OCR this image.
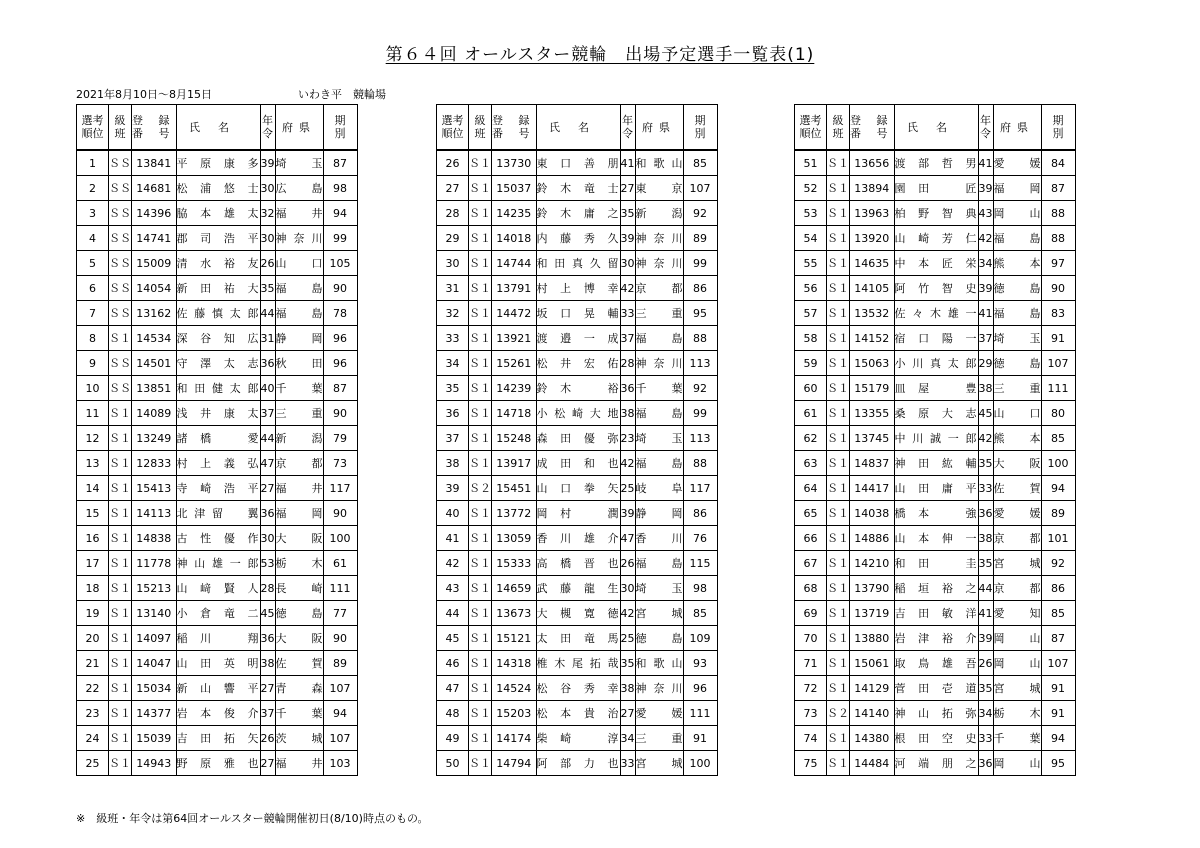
第６４回 オールスター競輪　出場予定選手一覧表(1)
2021年8月10日～8月15日	いわき平　競輪場
選考
順位	級
班	登 録
番 号	氏名	年
令	府県	期
別
1	ＳＳ	13841	平原康多	39	埼玉	87
2	ＳＳ	14681	松浦悠士	30	広島	98
3	ＳＳ	14396	脇本雄太	32	福井	94
4	ＳＳ	14741	郡司浩平	30	神奈川	99
5	ＳＳ	15009	清水裕友	26	山口	105
6	ＳＳ	14054	新田祐大	35	福島	90
7	ＳＳ	13162	佐藤慎太郎	44	福島	78
8	Ｓ１	14534	深谷知広	31	静岡	96
9	ＳＳ	14501	守澤太志	36	秋田	96
10	ＳＳ	13851	和田健太郎	40	千葉	87
11	Ｓ１	14089	浅井康太	37	三重	90
12	Ｓ１	13249	諸橋　愛	44	新潟	79
13	Ｓ１	12833	村上義弘	47	京都	73
14	Ｓ１	15413	寺崎浩平	27	福井	117
15	Ｓ１	14113	北津留　翼	36	福岡	90
16	Ｓ１	14838	古性優作	30	大阪	100
17	Ｓ１	11778	神山雄一郎	53	栃木	61
18	Ｓ１	15213	山﨑賢人	28	長崎	111
19	Ｓ１	13140	小倉竜二	45	徳島	77
20	Ｓ１	14097	稲川　翔	36	大阪	90
21	Ｓ１	14047	山田英明	38	佐賀	89
22	Ｓ１	15034	新山響平	27	青森	107
23	Ｓ１	14377	岩本俊介	37	千葉	94
24	Ｓ１	15039	吉田拓矢	26	茨城	107
25	Ｓ１	14943	野原雅也	27	福井	103
選考
順位	級
班	登 録
番 号	氏名	年
令	府県	期
別
26	Ｓ１	13730	東口善朋	41	和歌山	85
27	Ｓ１	15037	鈴木竜士	27	東京	107
28	Ｓ１	14235	鈴木庸之	35	新潟	92
29	Ｓ１	14018	内藤秀久	39	神奈川	89
30	Ｓ１	14744	和田真久留	30	神奈川	99
31	Ｓ１	13791	村上博幸	42	京都	86
32	Ｓ１	14472	坂口晃輔	33	三重	95
33	Ｓ１	13921	渡邉一成	37	福島	88
34	Ｓ１	15261	松井宏佑	28	神奈川	113
35	Ｓ１	14239	鈴木　裕	36	千葉	92
36	Ｓ１	14718	小松崎大地	38	福島	99
37	Ｓ１	15248	森田優弥	23	埼玉	113
38	Ｓ１	13917	成田和也	42	福島	88
39	Ｓ２	15451	山口拳矢	25	岐阜	117
40	Ｓ１	13772	岡村　潤	39	静岡	86
41	Ｓ１	13059	香川雄介	47	香川	76
42	Ｓ１	15333	高橋晋也	26	福島	115
43	Ｓ１	14659	武藤龍生	30	埼玉	98
44	Ｓ１	13673	大槻寛徳	42	宮城	85
45	Ｓ１	15121	太田竜馬	25	徳島	109
46	Ｓ１	14318	椎木尾拓哉	35	和歌山	93
47	Ｓ１	14524	松谷秀幸	38	神奈川	96
48	Ｓ１	15203	松本貴治	27	愛媛	111
49	Ｓ１	14174	柴崎　淳	34	三重	91
50	Ｓ１	14794	阿部力也	33	宮城	100
選考
順位	級
班	登 録
番 号	氏名	年
令	府県	期
別
51	Ｓ１	13656	渡部哲男	41	愛媛	84
52	Ｓ１	13894	園田　匠	39	福岡	87
53	Ｓ１	13963	柏野智典	43	岡山	88
54	Ｓ１	13920	山崎芳仁	42	福島	88
55	Ｓ１	14635	中本匠栄	34	熊本	97
56	Ｓ１	14105	阿竹智史	39	徳島	90
57	Ｓ１	13532	佐々木雄一	41	福島	83
58	Ｓ１	14152	宿口陽一	37	埼玉	91
59	Ｓ１	15063	小川真太郎	29	徳島	107
60	Ｓ１	15179	皿屋　豊	38	三重	111
61	Ｓ１	13355	桑原大志	45	山口	80
62	Ｓ１	13745	中川誠一郎	42	熊本	85
63	Ｓ１	14837	神田紘輔	35	大阪	100
64	Ｓ１	14417	山田庸平	33	佐賀	94
65	Ｓ１	14038	橋本　強	36	愛媛	89
66	Ｓ１	14886	山本伸一	38	京都	101
67	Ｓ１	14210	和田　圭	35	宮城	92
68	Ｓ１	13790	稲垣裕之	44	京都	86
69	Ｓ１	13719	吉田敏洋	41	愛知	85
70	Ｓ１	13880	岩津裕介	39	岡山	87
71	Ｓ１	15061	取鳥雄吾	26	岡山	107
72	Ｓ１	14129	菅田壱道	35	宮城	91
73	Ｓ２	14140	神山拓弥	34	栃木	91
74	Ｓ１	14380	根田空史	33	千葉	94
75	Ｓ１	14484	河端朋之	36	岡山	95
※　級班・年令は第64回オールスター競輪開催初日(8/10)時点のもの。
